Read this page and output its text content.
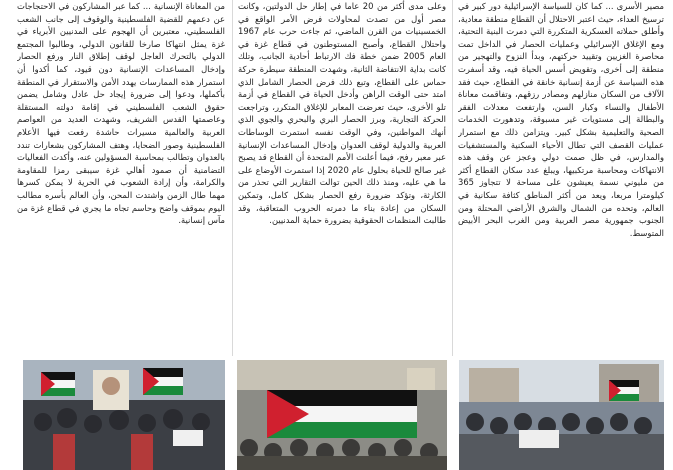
مصير الأسرى ... كما كان للسياسة الإسرائيلية دور كبير في ترسيخ العداء، حيث اعتبر الاحتلال أن القطاع منطقة معادية، وأطلق حملاته العسكرية المتكررة التي دمرت البنية التحتية، ومع الإغلاق الإسرائيلي وعمليات الحصار في الداخل تمت محاصرة الغزيين وتقييد حركتهم، وبدأ النزوح والتهجير من منطقة إلى أخرى، وتقويض أسس الحياة فيه، وقد أسفرت هذه السياسة عن أزمة إنسانية خانقة في القطاع، حيث فقد الآلاف من السكان منازلهم ومصادر رزقهم، وتفاقمت معاناة الأطفال والنساء وكبار السن، وارتفعت معدلات الفقر والبطالة إلى مستويات غير مسبوقة، وتدهورت الخدمات الصحية والتعليمية بشكل كبير. ويتزامن ذلك مع استمرار عمليات القصف التي تطال الأحياء السكنية والمستشفيات والمدارس، في ظل صمت دولي وعجز عن وقف هذه الانتهاكات ومحاسبة مرتكبيها، ويبلغ عدد سكان القطاع أكثر من مليوني نسمة يعيشون على مساحة لا تتجاوز 365 كيلومترا مربعا، ويعد من أكثر المناطق كثافة سكانية في العالم، وتحده من الشمال والشرق الأراضي المحتلة ومن الجنوب جمهورية مصر العربية ومن الغرب البحر الأبيض المتوسط.

وعلى مدى أكثر من 20 عاما في إطار حل الدولتين، وكانت مصر أول من تصدت لمحاولات فرض الأمر الواقع في الخمسينيات من القرن الماضي، ثم جاءت حرب عام 1967 واحتلال القطاع، وأصبح المستوطنون في قطاع غزة في العام 2005 ضمن خطة فك الارتباط أحادية الجانب، وتلك كانت بداية الانتفاضة الثانية، وشهدت المنطقة سيطرة حركة حماس على القطاع، وتبع ذلك فرض الحصار الشامل الذي امتد حتى الوقت الراهن وأدخل الحياة في القطاع في أزمة تلو الأخرى، حيث تعرضت المعابر للإغلاق المتكرر، وتراجعت الحركة التجارية، وبرز الحصار البري والبحري والجوي الذي أنهك المواطنين، وفي الوقت نفسه استمرت الوساطات العربية والدولية لوقف العدوان وإدخال المساعدات الإنسانية عبر معبر رفح، فيما أعلنت الأمم المتحدة أن القطاع قد يصبح غير صالح للحياة بحلول عام 2020 إذا استمرت الأوضاع على ما هي عليه، ومنذ ذلك الحين توالت التقارير التي تحذر من الكارثة، وتؤكد ضرورة رفع الحصار بشكل كامل، وتمكين السكان من إعادة بناء ما دمرته الحروب المتعاقبة، وقد طالبت المنظمات الحقوقية بضرورة حماية المدنيين.

من المعاناة الإنسانية ... كما عبر المشاركون في الاحتجاجات عن دعمهم للقضية الفلسطينية والوقوف إلى جانب الشعب الفلسطيني، معتبرين أن الهجوم على المدنيين الأبرياء في غزة يمثل انتهاكا صارخا للقانون الدولي، وطالبوا المجتمع الدولي بالتحرك العاجل لوقف إطلاق النار ورفع الحصار وإدخال المساعدات الإنسانية دون قيود، كما أكدوا أن استمرار هذه الممارسات يهدد الأمن والاستقرار في المنطقة بأكملها، ودعوا إلى ضرورة إيجاد حل عادل وشامل يضمن حقوق الشعب الفلسطيني في إقامة دولته المستقلة وعاصمتها القدس الشريف، وشهدت العديد من العواصم العربية والعالمية مسيرات حاشدة رفعت فيها الأعلام الفلسطينية وصور الضحايا، وهتف المشاركون بشعارات تندد بالعدوان وتطالب بمحاسبة المسؤولين عنه، وأكدت الفعاليات التضامنية أن صمود أهالي غزة سيبقى رمزا للمقاومة والكرامة، وأن إرادة الشعوب في الحرية لا يمكن كسرها مهما طال الزمن واشتدت المحن، وأن العالم بأسره مطالب اليوم بموقف واضح وحاسم تجاه ما يجري في قطاع غزة من مآس إنسانية.
